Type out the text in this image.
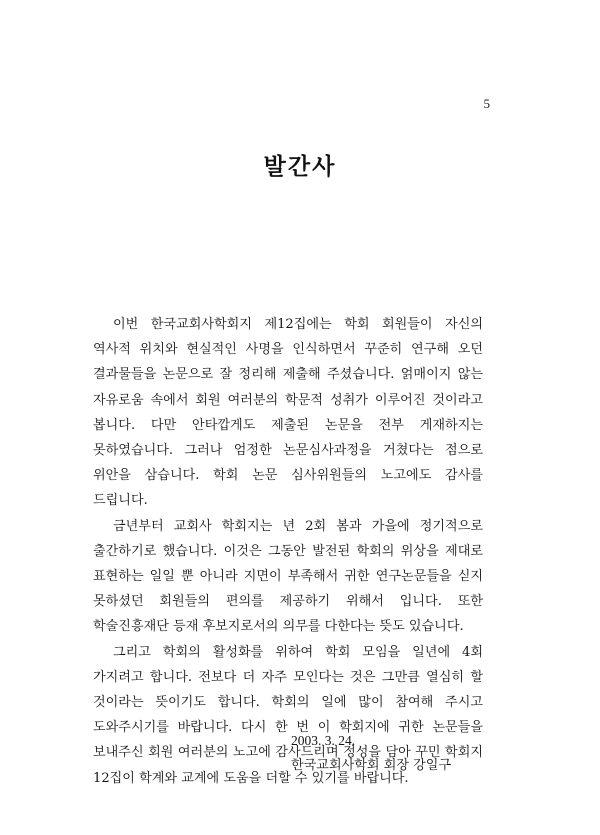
5
발간사

이번 한국교회사학회지 제12집에는 학회 회원들이 자신의 역사적 위치와 현실적인 사명을 인식하면서 꾸준히 연구해 오던 결과물들을 논문으로 잘 정리해 제출해 주셨습니다. 얽매이지 않는 자유로움 속에서 회원 여러분의 학문적 성취가 이루어진 것이라고 봅니다. 다만 안타깝게도 제출된 논문을 전부 게재하지는 못하였습니다. 그러나 엄정한 논문심사과정을 거쳤다는 점으로 위안을 삼습니다. 학회 논문 심사위원들의 노고에도 감사를 드립니다.

금년부터 교회사 학회지는 년 2회 봄과 가을에 정기적으로 출간하기로 했습니다. 이것은 그동안 발전된 학회의 위상을 제대로 표현하는 일일 뿐 아니라 지면이 부족해서 귀한 연구논문들을 싣지 못하셨던 회원들의 편의를 제공하기 위해서 입니다. 또한 학술진흥재단 등재 후보지로서의 의무를 다한다는 뜻도 있습니다.

그리고 학회의 활성화를 위하여 학회 모임을 일년에 4회 가지려고 합니다. 전보다 더 자주 모인다는 것은 그만큼 열심히 할 것이라는 뜻이기도 합니다. 학회의 일에 많이 참여해 주시고 도와주시기를 바랍니다. 다시 한 번 이 학회지에 귀한 논문들을 보내주신 회원 여러분의 노고에 감사드리며 정성을 담아 꾸민 학회지 12집이 학계와 교계에 도움을 더할 수 있기를 바랍니다.

2003. 3. 24.
한국교회사학회 회장 강일구
